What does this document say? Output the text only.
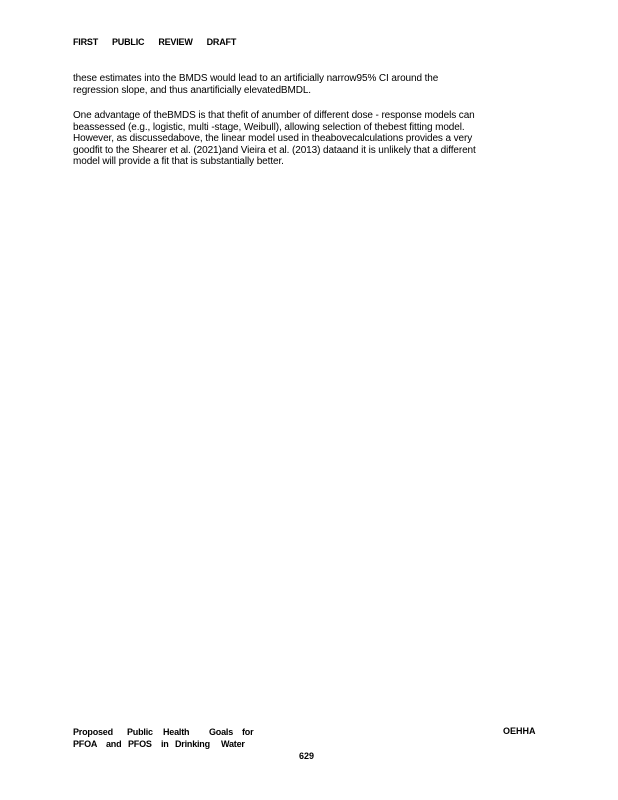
FIRST PUBLIC REVIEW DRAFT

these estimates into the BMDS would lead to an artificially narrow95% CI around the

regression slope, and thus anartificially elevatedBMDL.

One advantage of theBMDS is that thefit of anumber of different dose - response models can

beassessed (e.g., logistic, multi -stage, Weibull), allowing selection of thebest fitting model.

However, as discussedabove, the linear model used in theabovecalculations provides a very

goodfit to the Shearer et al. (2021)and Vieira et al. (2013) dataand it is unlikely that a different

model will provide a fit that is substantially better.

Proposed Public Health Goals for
PFOA and PFOS in Drinking Water
OEHHA
629
